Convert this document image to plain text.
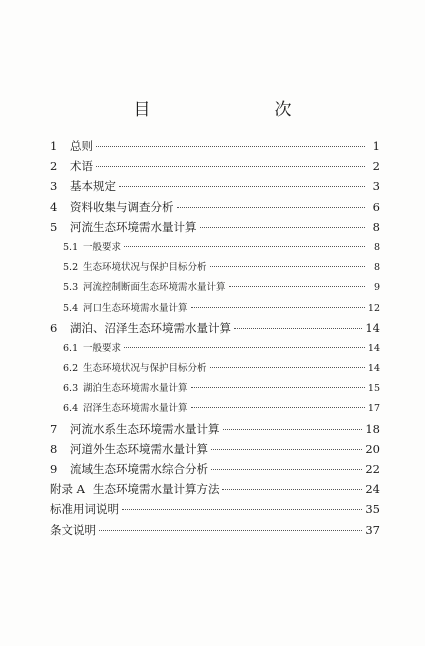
目　　次
1	总则	1
2	术语	2
3	基本规定	3
4	资料收集与调查分析	6
5	河流生态环境需水量计算	8
5.1 一般要求	8
5.2 生态环境状况与保护目标分析	8
5.3 河流控制断面生态环境需水量计算	9
5.4 河口生态环境需水量计算	12
6	湖泊、沼泽生态环境需水量计算	14
6.1 一般要求	14
6.2 生态环境状况与保护目标分析	14
6.3 湖泊生态环境需水量计算	15
6.4 沼泽生态环境需水量计算	17
7	河流水系生态环境需水量计算	18
8	河道外生态环境需水量计算	20
9	流域生态环境需水综合分析	22
附录 A 生态环境需水量计算方法	24
标准用词说明	35
条文说明	37
